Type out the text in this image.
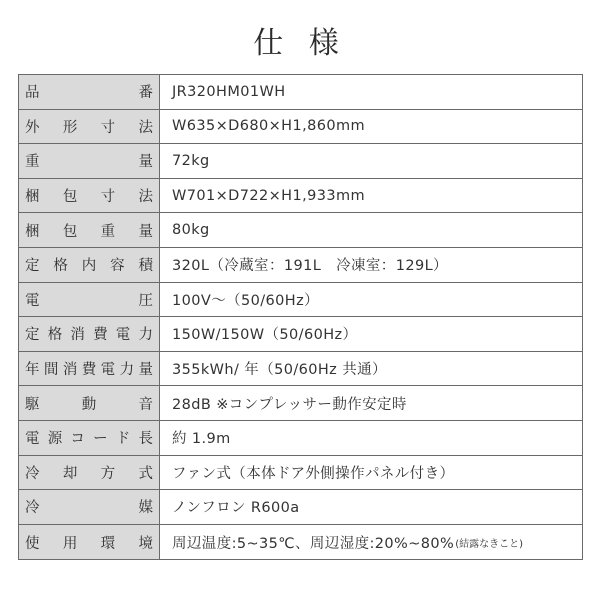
仕 様
品番 JR320HM01WH
外形寸法 W635×D680×H1,860mm
重量 72kg
梱包寸法 W701×D722×H1,933mm
梱包重量 80kg
定格内容積 320L（冷蔵室：191L　冷凍室：129L）
電圧 100V〜（50/60Hz）
定格消費電力 150W/150W（50/60Hz）
年間消費電力量 355kWh/ 年（50/60Hz 共通）
駆動音 28dB ※コンプレッサー動作安定時
電源コード長 約 1.9m
冷却方式 ファン式（本体ドア外側操作パネル付き）
冷媒 ノンフロン R600a
使用環境 周辺温度:5~35℃、周辺湿度:20%~80% (結露なきこと)
